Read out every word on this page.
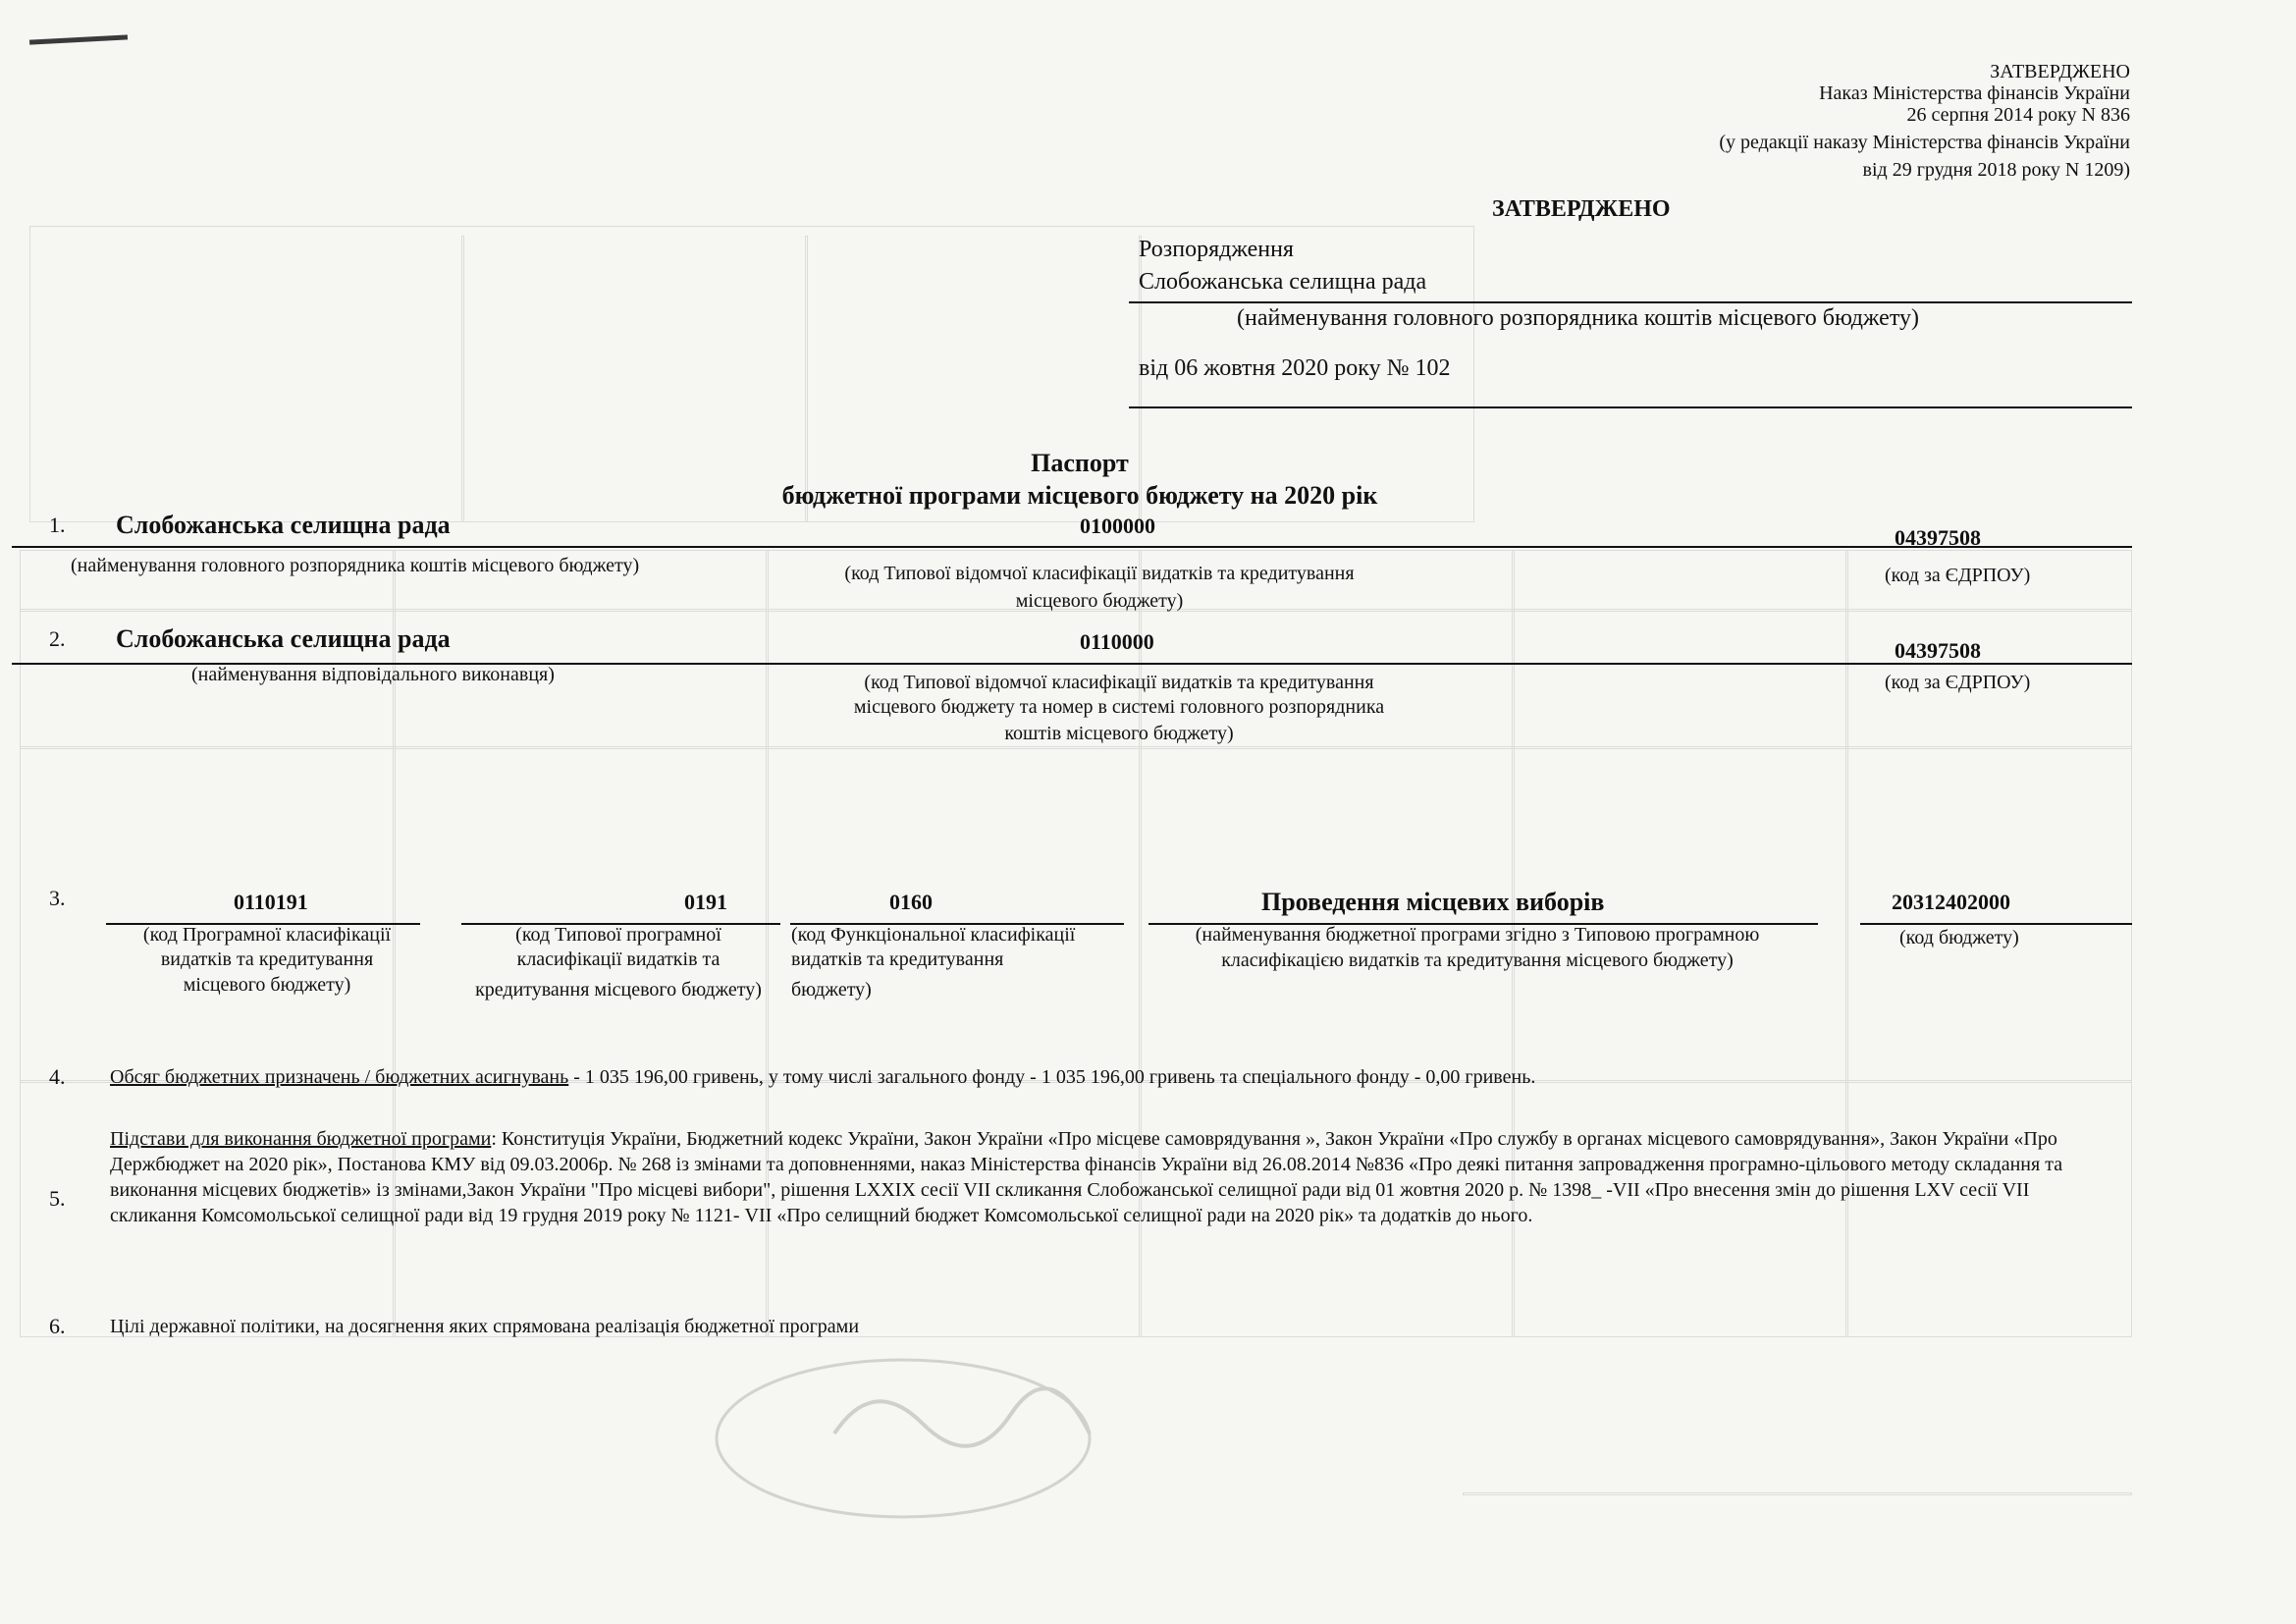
ЗАТВЕРДЖЕНО
Наказ Міністерства фінансів України
26 серпня 2014 року N 836
(у редакції наказу Міністерства фінансів України
від 29 грудня 2018 року N 1209)
ЗАТВЕРДЖЕНО
Розпорядження
Слобожанська селищна рада
(найменування головного розпорядника коштів місцевого бюджету)
від 06 жовтня 2020 року № 102
Паспорт
бюджетної програми місцевого бюджету на 2020 рік
1. Слобожанська селищна рада	0100000	04397508
(найменування головного розпорядника коштів місцевого бюджету)	(код Типової відомчої класифікації видатків та кредитування
місцевого бюджету)
(код за ЄДРПОУ)
2. Слобожанська селищна рада	0110000	04397508
(найменування відповідального виконавця)	(код Типової відомчої класифікації видатків та кредитування
місцевого бюджету та номер в системі головного розпорядника
коштів місцевого бюджету)
(код за ЄДРПОУ)
3.	0110191	0191	0160	Проведення місцевих виборів	20312402000
(код Програмної класифікації
видатків та кредитування
місцевого бюджету)
(код Типової програмної
класифікації видатків та
кредитування місцевого бюджету)
(код Функціональної класифікації
видатків та кредитування
бюджету)
(найменування бюджетної програми згідно з Типовою програмною
класифікацією видатків та кредитування місцевого бюджету)
(код бюджету)
4. Обсяг бюджетних призначень / бюджетних асигнувань - 1 035 196,00 гривень, у тому числі загального фонду - 1 035 196,00 гривень та спеціального фонду - 0,00 гривень.
5.
Підстави для виконання бюджетної програми: Конституція України, Бюджетний кодекс України, Закон України «Про місцеве самоврядування », Закон України «Про службу в органах місцевого самоврядування», Закон України «Про Держбюджет на 2020 рік», Постанова КМУ від 09.03.2006р. № 268 із змінами та доповненнями, наказ Міністерства фінансів України від 26.08.2014 №836 «Про деякі питання запровадження програмно-цільового методу складання та виконання місцевих бюджетів» із змінами,Закон України "Про місцеві вибори", рішення LXXIX сесії VII скликання Слобожанської селищної ради від 01 жовтня 2020 р. № 1398_ -VII «Про внесення змін до рішення LXV сесії VII скликання Комсомольської селищної ради від 19 грудня 2019 року № 1121- VII «Про селищний бюджет Комсомольської селищної ради на 2020 рік» та додатків до нього.
6. Цілі державної політики, на досягнення яких спрямована реалізація бюджетної програми
